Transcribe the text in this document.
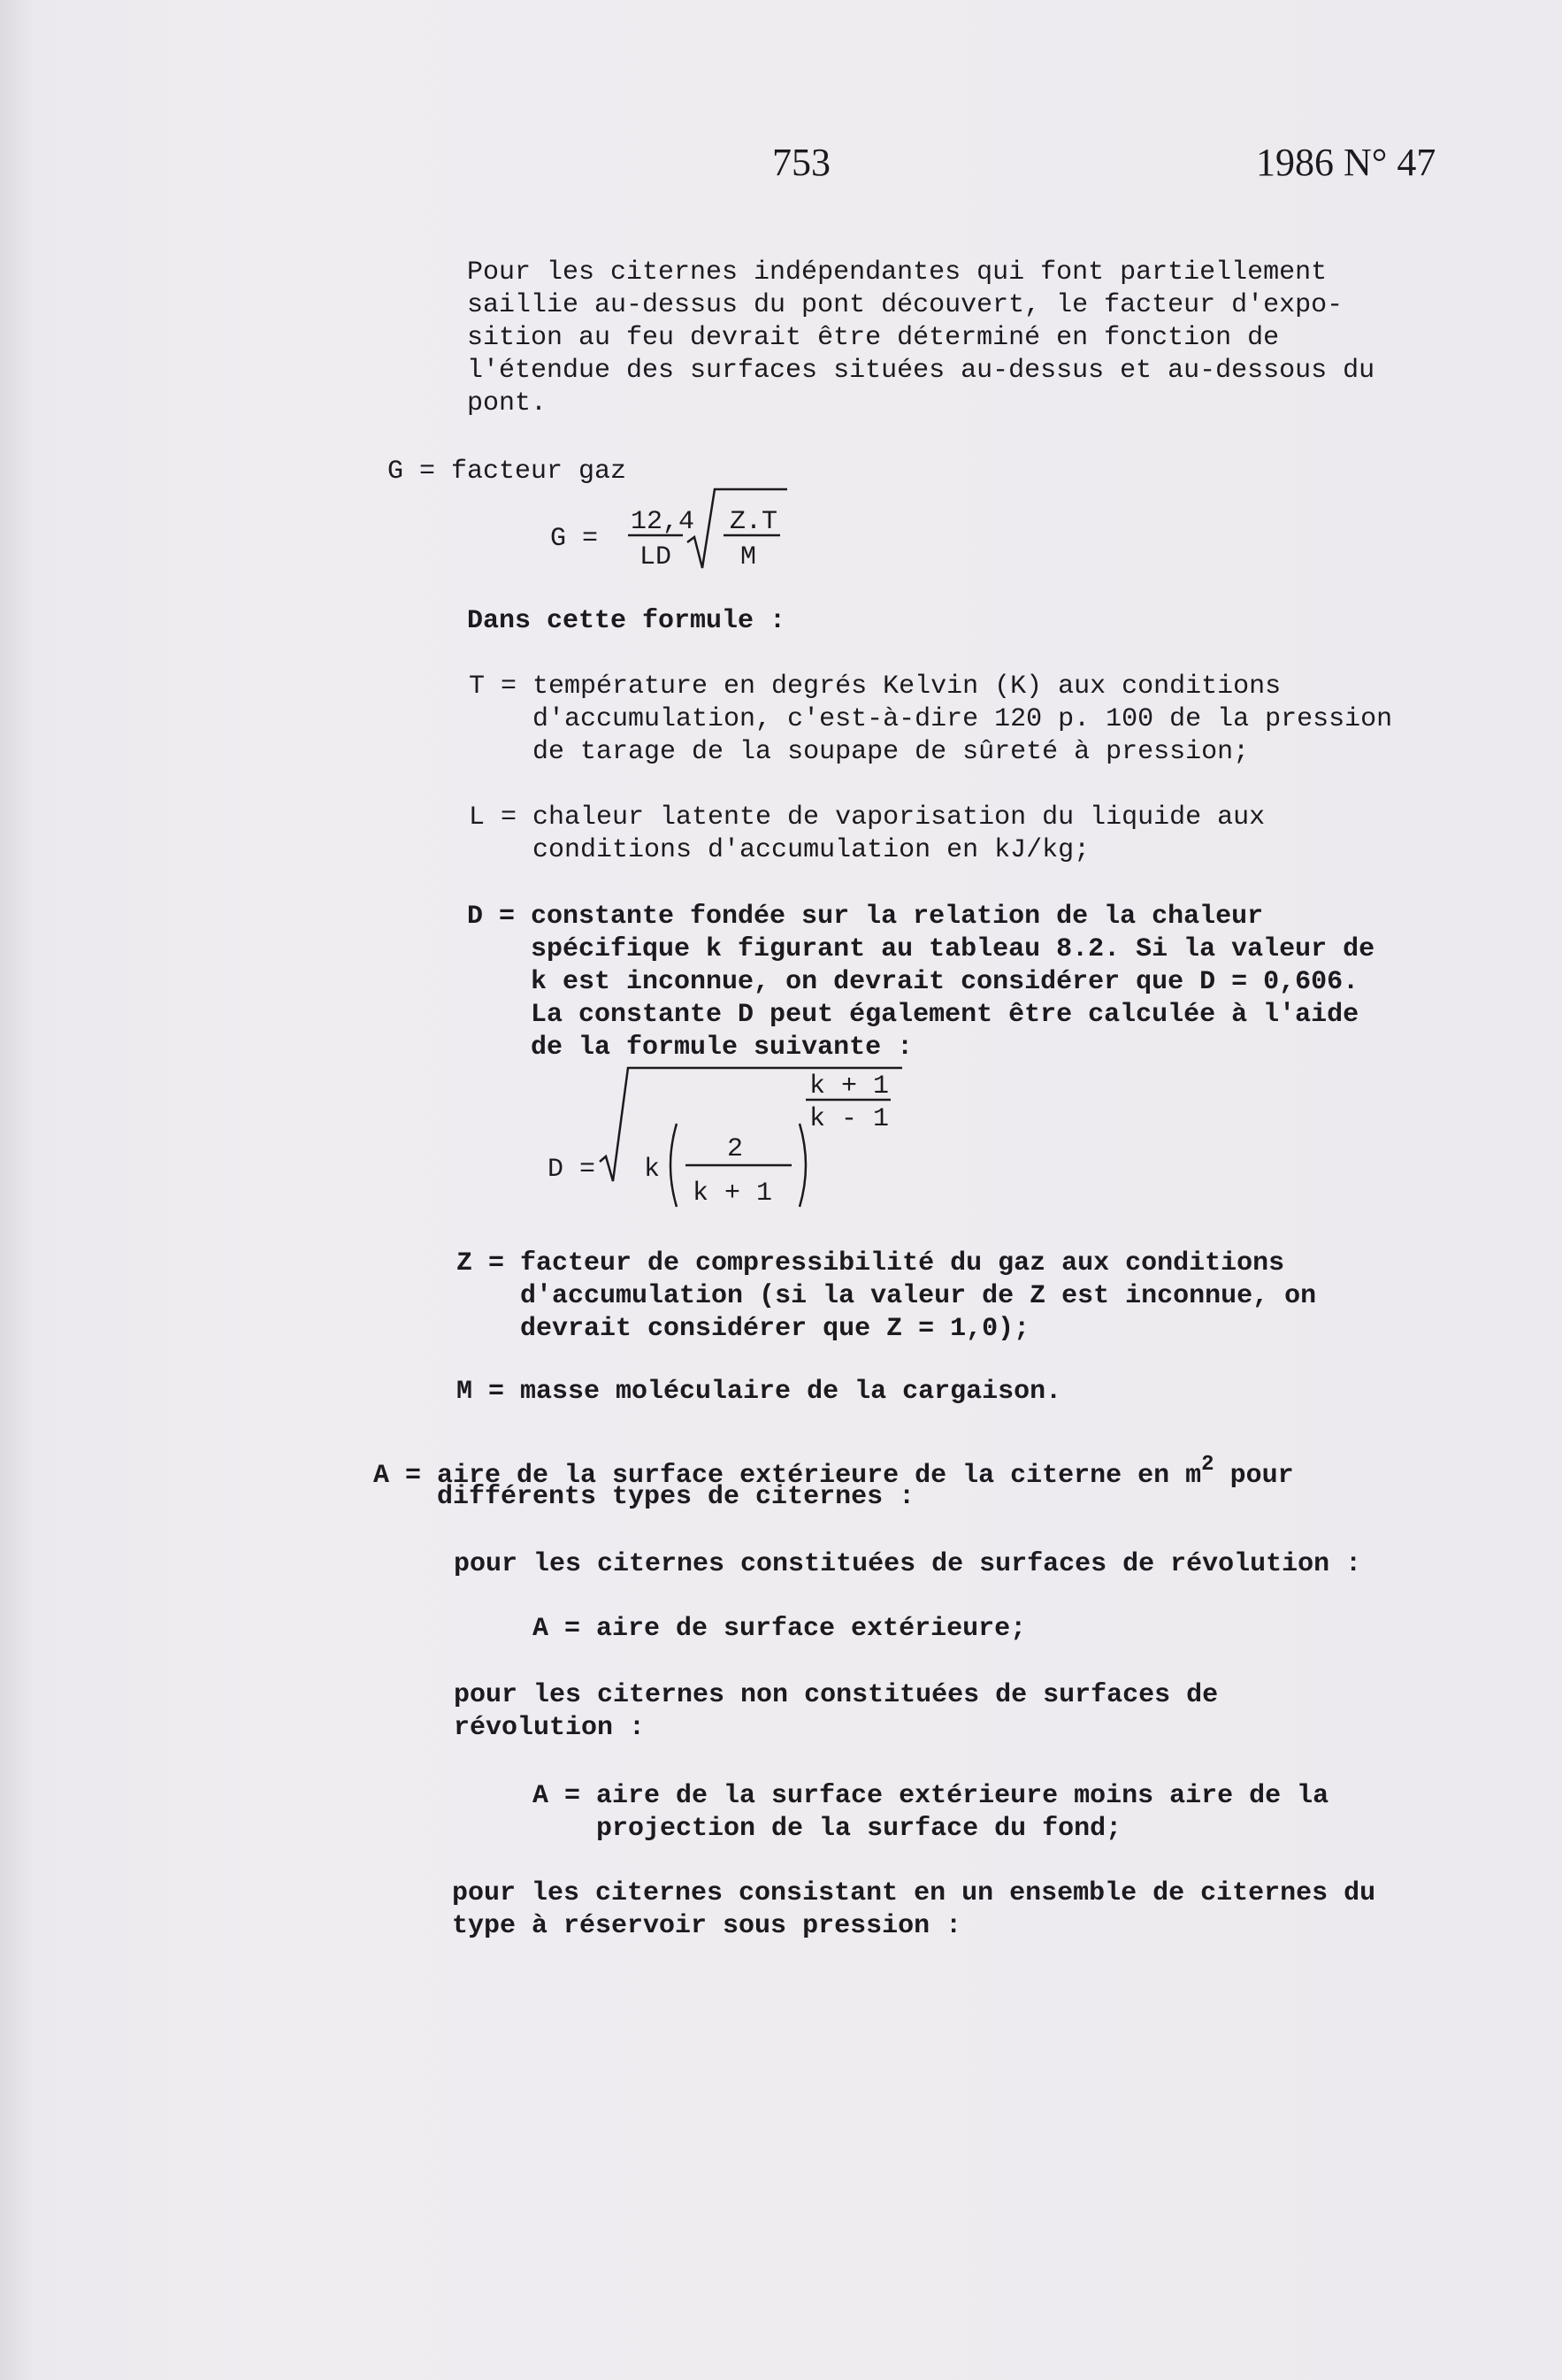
753	1986 N° 47
Pour les citernes indépendantes qui font partiellement
saillie au-dessus du pont découvert, le facteur d'expo-
sition au feu devrait être déterminé en fonction de
l'étendue des surfaces situées au-dessus et au-dessous du
pont.
G = facteur gaz
G =
12,4
LD
Z.T
M
Dans cette formule :
T = température en degrés Kelvin (K) aux conditions
d'accumulation, c'est-à-dire 120 p. 100 de la pression
de tarage de la soupape de sûreté à pression;
L = chaleur latente de vaporisation du liquide aux
conditions d'accumulation en kJ/kg;
D = constante fondée sur la relation de la chaleur
spécifique k figurant au tableau 8.2. Si la valeur de
k est inconnue, on devrait considérer que D = 0,606.
La constante D peut également être calculée à l'aide
de la formule suivante :
D = k
2
k + 1
k + 1
k - 1
Z = facteur de compressibilité du gaz aux conditions
d'accumulation (si la valeur de Z est inconnue, on
devrait considérer que Z = 1,0);
M = masse moléculaire de la cargaison.
A = aire de la surface extérieure de la citerne en $m^2$ pour
différents types de citernes :
pour les citernes constituées de surfaces de révolution :
A = aire de surface extérieure;
pour les citernes non constituées de surfaces de
révolution :
A = aire de la surface extérieure moins aire de la
projection de la surface du fond;
pour les citernes consistant en un ensemble de citernes du
type à réservoir sous pression :
